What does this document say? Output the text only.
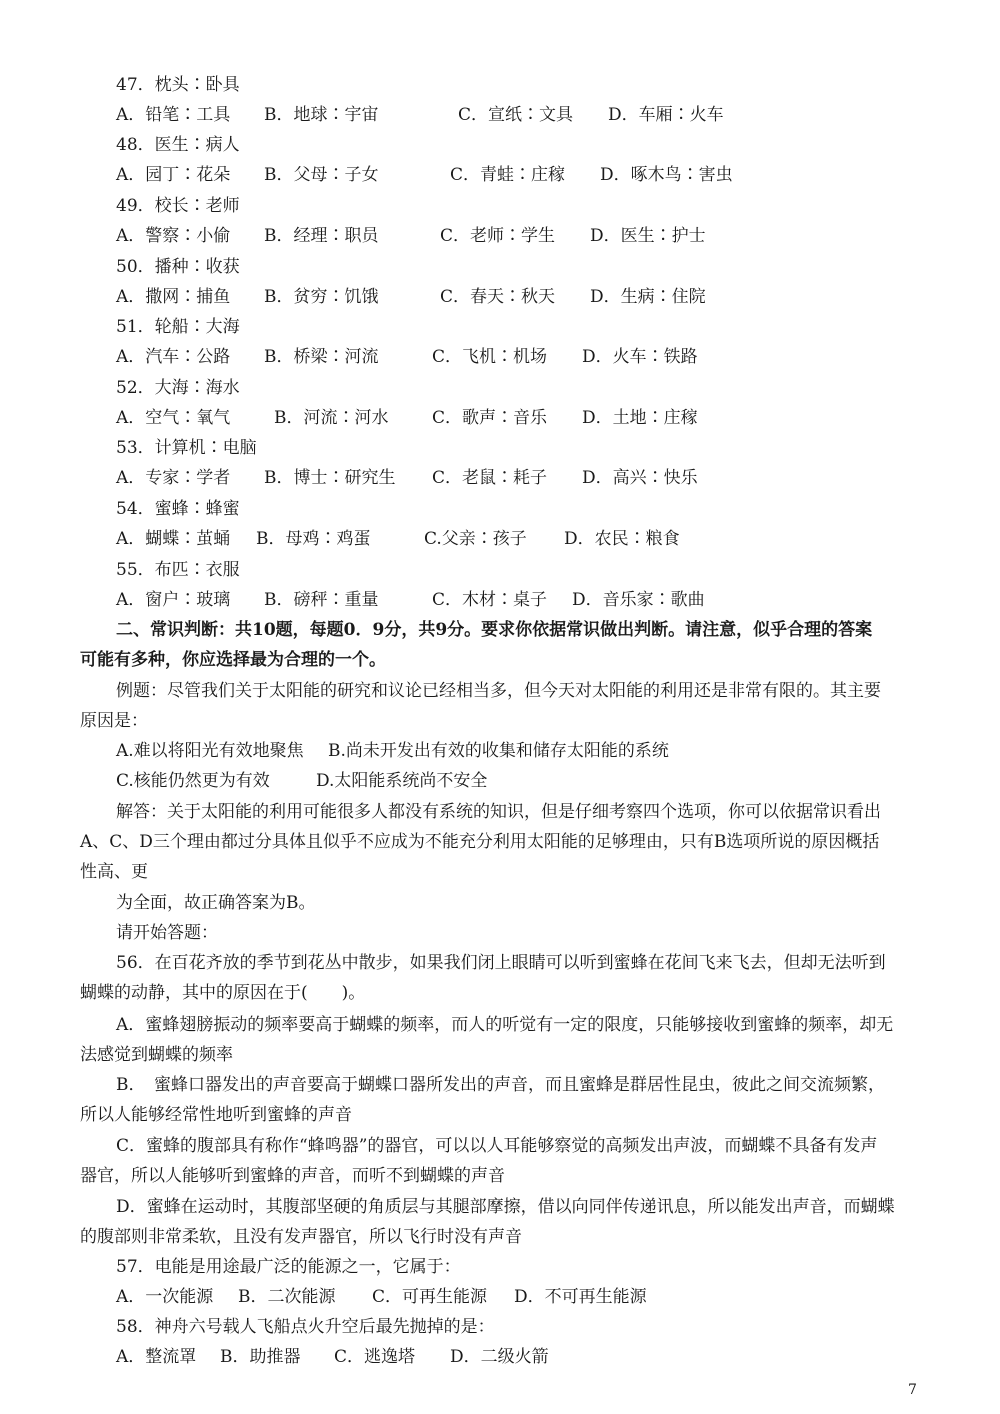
47．枕头∶卧具
A．铅笔∶工具 B．地球∶宇宙	C．宣纸∶文具 D．车厢∶火车
48．医生∶病人
A．园丁∶花朵 B．父母∶子女	C．青蛙∶庄稼 D．啄木鸟∶害虫
49．校长∶老师
A．警察∶小偷 B．经理∶职员	C．老师∶学生 D．医生∶护士
50．播种∶收获
A．撒网∶捕鱼 B．贫穷∶饥饿	C．春天∶秋天 D．生病∶住院
51．轮船∶大海
A．汽车∶公路 B．桥梁∶河流	C．飞机∶机场 D．火车∶铁路
52．大海∶海水
A．空气∶氧气	B．河流∶河水	C．歌声∶音乐 D．土地∶庄稼
53．计算机∶电脑
A．专家∶学者 B．博士∶研究生 C．老鼠∶耗子 D．高兴∶快乐
54．蜜蜂∶蜂蜜
A．蝴蝶∶茧蛹 B．母鸡∶鸡蛋	C.父亲∶孩子 D．农民∶粮食
55．布匹∶衣服
A．窗户∶玻璃 B．磅秤∶重量	C．木材∶桌子 D．音乐家∶歌曲
二、常识判断：共10题，每题0．9分，共9分。要求你依据常识做出判断。请注意，似乎合理的答案
可能有多种，你应选择最为合理的一个。
例题：尽管我们关于太阳能的研究和议论已经相当多，但今天对太阳能的利用还是非常有限的。其主要
原因是：
A.难以将阳光有效地聚焦 B.尚未开发出有效的收集和储存太阳能的系统
C.核能仍然更为有效	D.太阳能系统尚不安全
解答：关于太阳能的利用可能很多人都没有系统的知识，但是仔细考察四个选项，你可以依据常识看出
A、C、D三个理由都过分具体且似乎不应成为不能充分利用太阳能的足够理由，只有B选项所说的原因概括
性高、更
为全面，故正确答案为B。
请开始答题：
56．在百花齐放的季节到花丛中散步，如果我们闭上眼睛可以听到蜜蜂在花间飞来飞去，但却无法听到
蝴蝶的动静，其中的原因在于(　　)。
A．蜜蜂翅膀振动的频率要高于蝴蝶的频率，而人的听觉有一定的限度，只能够接收到蜜蜂的频率，却无
法感觉到蝴蝶的频率
B．　蜜蜂口器发出的声音要高于蝴蝶口器所发出的声音，而且蜜蜂是群居性昆虫，彼此之间交流频繁，
所以人能够经常性地听到蜜蜂的声音
C．蜜蜂的腹部具有称作“蜂鸣器”的器官，可以以人耳能够察觉的高频发出声波，而蝴蝶不具备有发声
器官，所以人能够听到蜜蜂的声音，而听不到蝴蝶的声音
D．蜜蜂在运动时，其腹部坚硬的角质层与其腿部摩擦，借以向同伴传递讯息，所以能发出声音，而蝴蝶
的腹部则非常柔软，且没有发声器官，所以飞行时没有声音
57．电能是用途最广泛的能源之一，它属于：
A．一次能源 B．二次能源 C．可再生能源 D．不可再生能源
58．神舟六号载人飞船点火升空后最先抛掉的是：
A．整流罩 B．助推器 C．逃逸塔 D．二级火箭
7
